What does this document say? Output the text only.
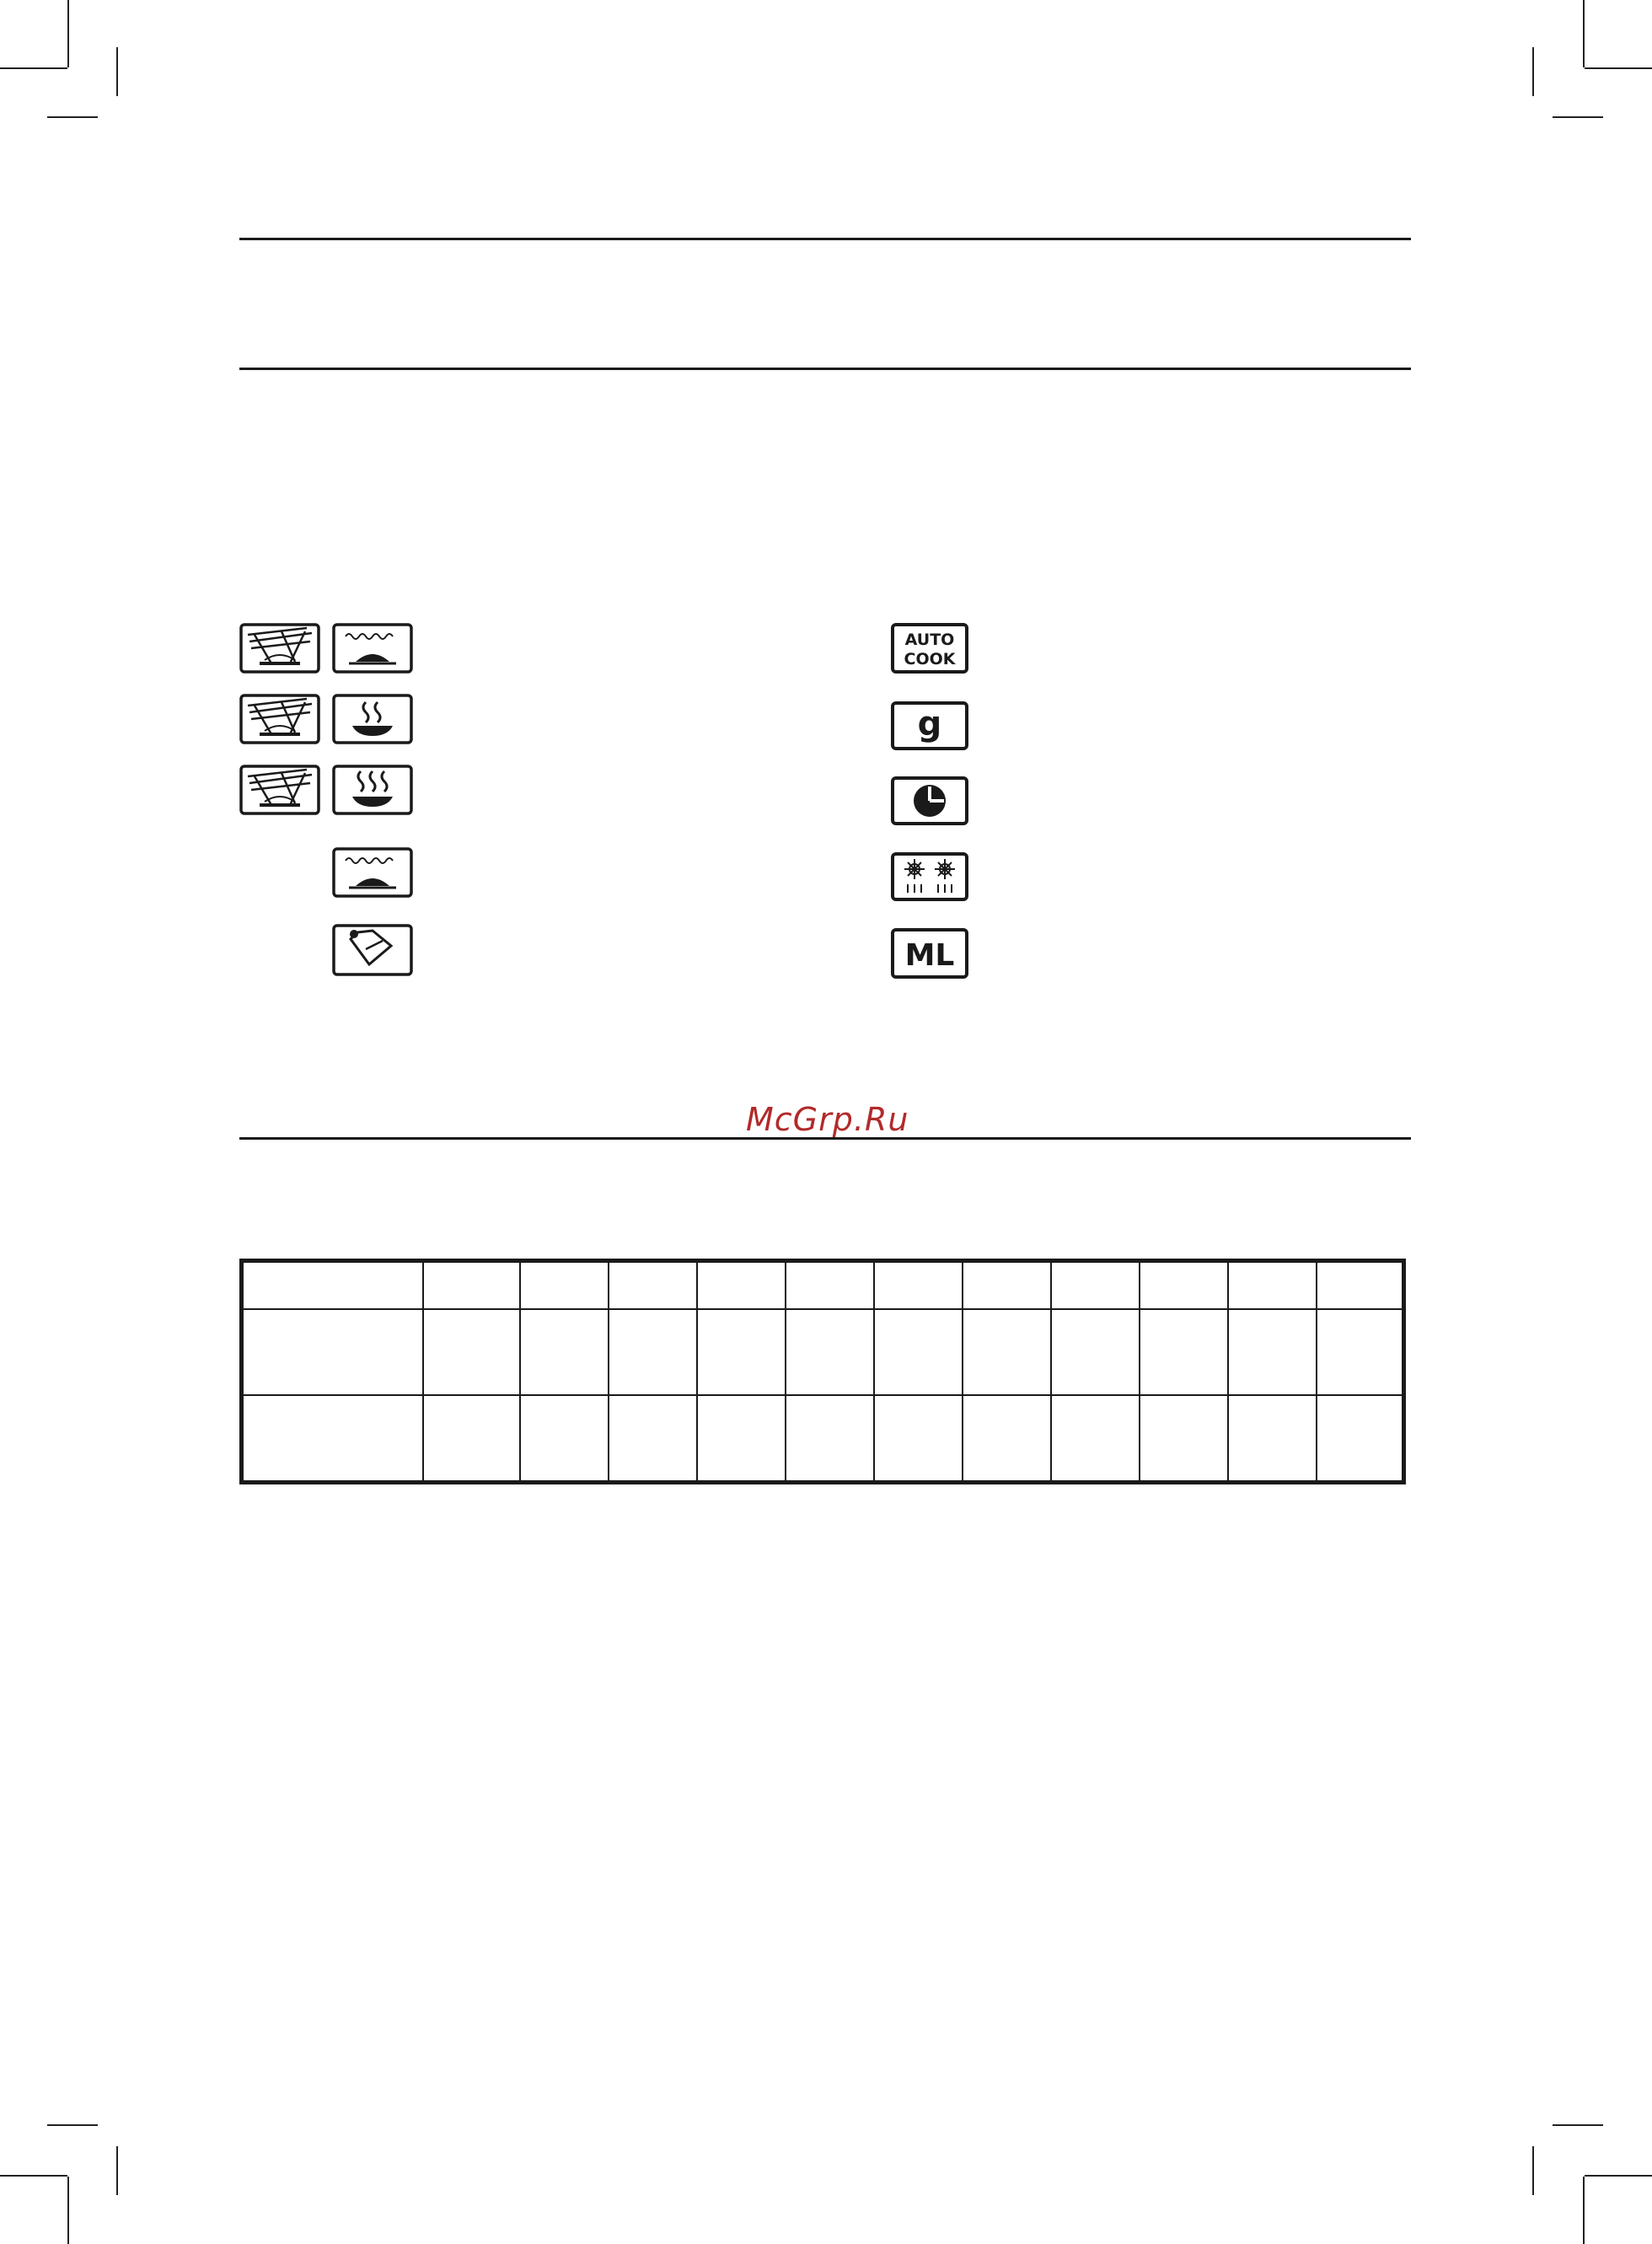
AUTO
COOK
g
ML
McGrp.Ru
